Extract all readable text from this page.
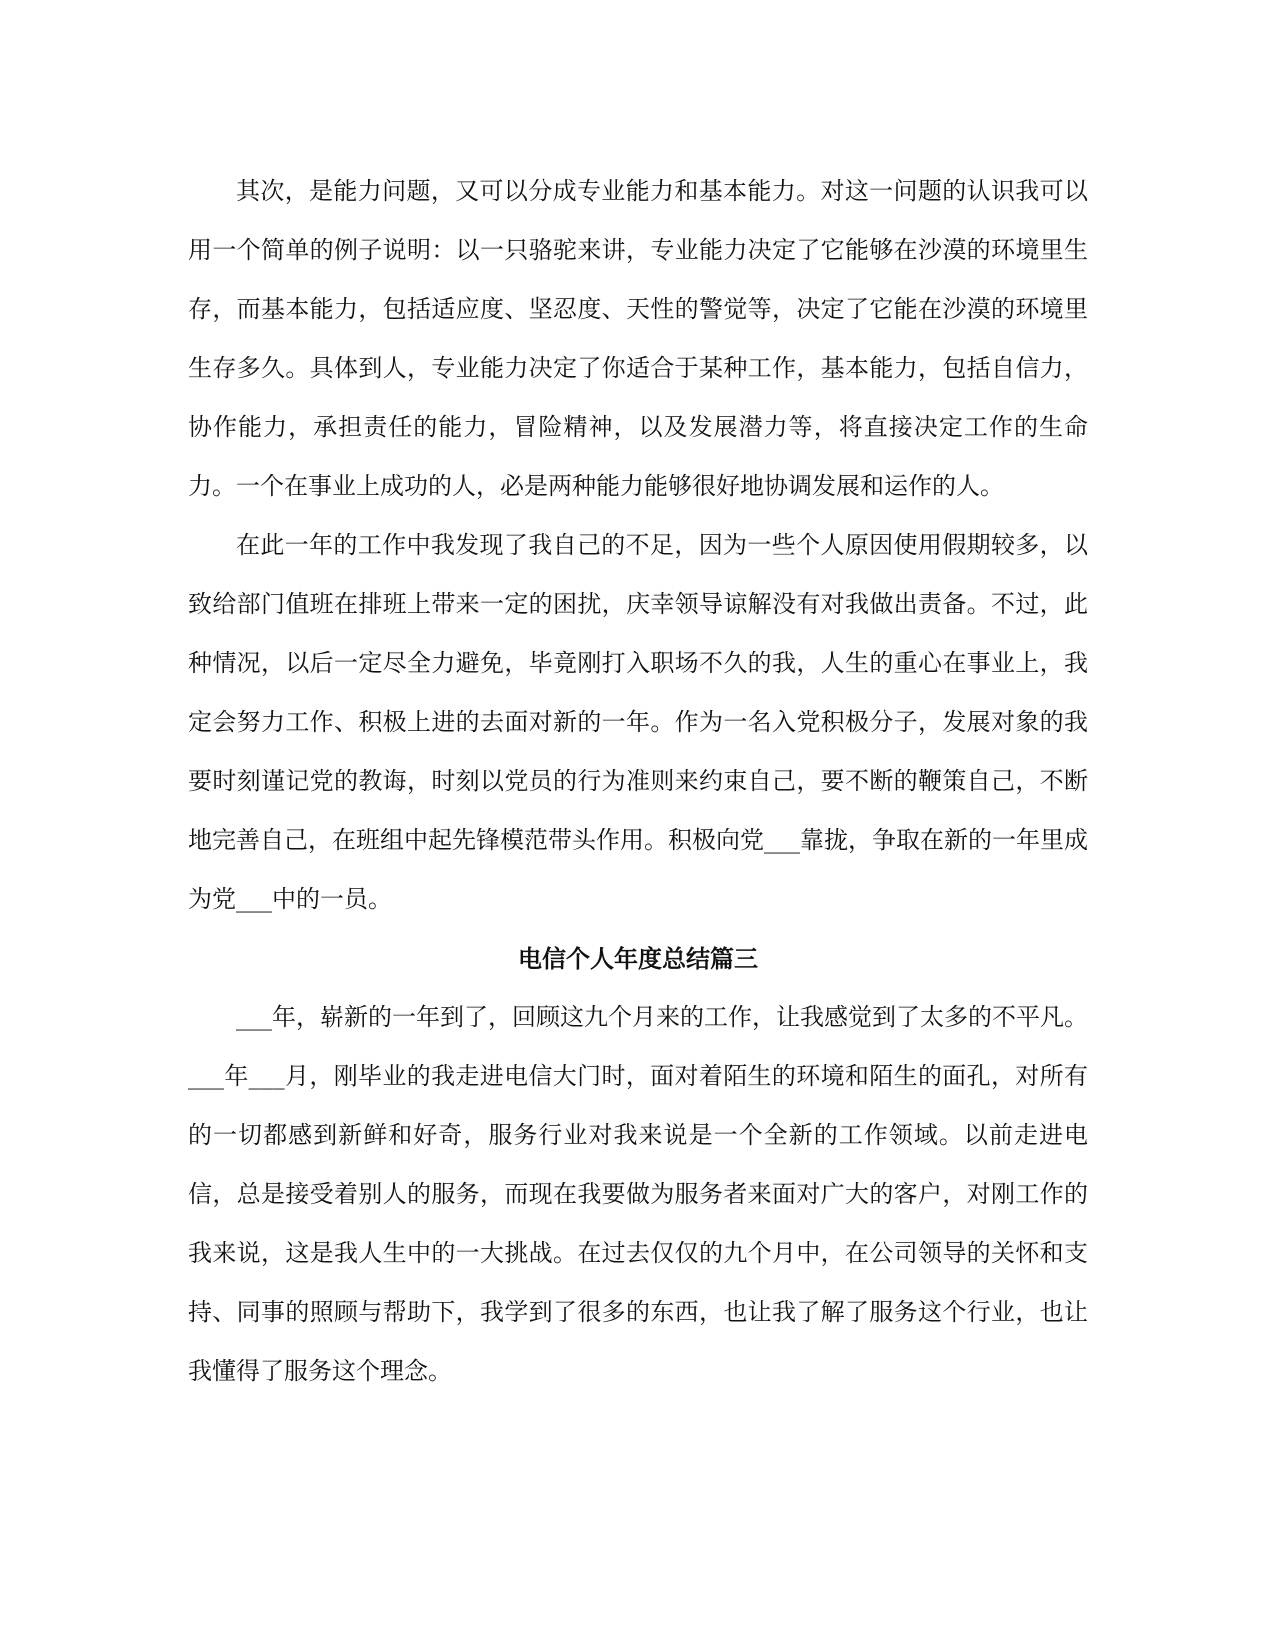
其次，是能力问题，又可以分成专业能力和基本能力。对这一问题的认识我可以用一个简单的例子说明：以一只骆驼来讲，专业能力决定了它能够在沙漠的环境里生存，而基本能力，包括适应度、坚忍度、天性的警觉等，决定了它能在沙漠的环境里生存多久。具体到人，专业能力决定了你适合于某种工作，基本能力，包括自信力，协作能力，承担责任的能力，冒险精神，以及发展潜力等，将直接决定工作的生命力。一个在事业上成功的人，必是两种能力能够很好地协调发展和运作的人。

在此一年的工作中我发现了我自己的不足，因为一些个人原因使用假期较多，以致给部门值班在排班上带来一定的困扰，庆幸领导谅解没有对我做出责备。不过，此种情况，以后一定尽全力避免，毕竟刚打入职场不久的我，人生的重心在事业上，我定会努力工作、积极上进的去面对新的一年。作为一名入党积极分子，发展对象的我要时刻谨记党的教诲，时刻以党员的行为准则来约束自己，要不断的鞭策自己，不断地完善自己，在班组中起先锋模范带头作用。积极向党___靠拢，争取在新的一年里成为党___中的一员。

电信个人年度总结篇三

___年，崭新的一年到了，回顾这九个月来的工作，让我感觉到了太多的不平凡。___年___月，刚毕业的我走进电信大门时，面对着陌生的环境和陌生的面孔，对所有的一切都感到新鲜和好奇，服务行业对我来说是一个全新的工作领域。以前走进电信，总是接受着别人的服务，而现在我要做为服务者来面对广大的客户，对刚工作的我来说，这是我人生中的一大挑战。在过去仅仅的九个月中，在公司领导的关怀和支持、同事的照顾与帮助下，我学到了很多的东西，也让我了解了服务这个行业，也让我懂得了服务这个理念。
